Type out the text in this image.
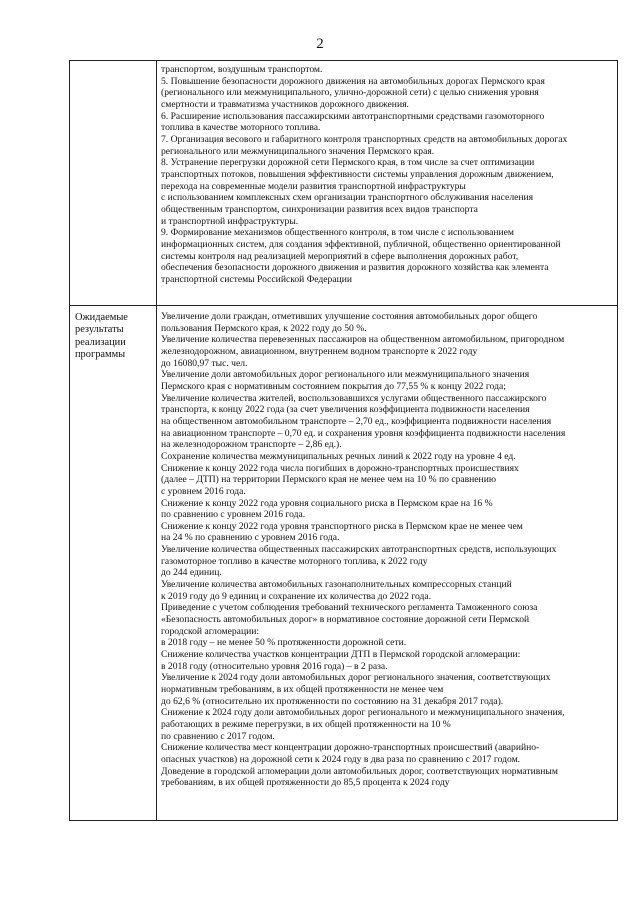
2
транспортом, воздушным транспортом.
5. Повышение безопасности дорожного движения на автомобильных дорогах Пермского края
(регионального или межмуниципального, улично-дорожной сети) с целью снижения уровня
смертности и травматизма участников дорожного движения.
6. Расширение использования пассажирскими автотранспортными средствами газомоторного
топлива в качестве моторного топлива.
7. Организация весового и габаритного контроля транспортных средств на автомобильных дорогах
регионального или межмуниципального значения Пермского края.
8. Устранение перегрузки дорожной сети Пермского края, в том числе за счет оптимизации
транспортных потоков, повышения эффективности системы управления дорожным движением,
перехода на современные модели развития транспортной инфраструктуры
с использованием комплексных схем организации транспортного обслуживания населения
общественным транспортом, синхронизации развития всех видов транспорта
и транспортной инфраструктуры.
9. Формирование механизмов общественного контроля, в том числе с использованием
информационных систем, для создания эффективной, публичной, общественно ориентированной
системы контроля над реализацией мероприятий в сфере выполнения дорожных работ,
обеспечения безопасности дорожного движения и развития дорожного хозяйства как элемента
транспортной системы Российской Федерации
Ожидаемые
результаты
реализации
программы
Увеличение доли граждан, отметивших улучшение состояния автомобильных дорог общего
пользования Пермского края, к 2022 году до 50 %.
Увеличение количества перевезенных пассажиров на общественном автомобильном, пригородном
железнодорожном, авиационном, внутреннем водном транспорте к 2022 году
до 16080,97 тыс. чел.
Увеличение доли автомобильных дорог регионального или межмуниципального значения
Пермского края с нормативным состоянием покрытия до 77,55 % к концу 2022 года;
Увеличение количества жителей, воспользовавшихся услугами общественного пассажирского
транспорта, к концу 2022 года (за счет увеличения коэффициента подвижности населения
на общественном автомобильном транспорте – 2,70 ед., коэффициента подвижности населения
на авиационном транспорте – 0,70 ед. и сохранения уровня коэффициента подвижности населения
на железнодорожном транспорте – 2,86 ед.).
Сохранение количества межмуниципальных речных линий к 2022 году на уровне 4 ед.
Снижение к концу 2022 года числа погибших в дорожно-транспортных происшествиях
(далее – ДТП) на территории Пермского края не менее чем на 10 % по сравнению
с уровнем 2016 года.
Снижение к концу 2022 года уровня социального риска в Пермском крае на 16 %
по сравнению с уровнем 2016 года.
Снижение к концу 2022 года уровня транспортного риска в Пермском крае не менее чем
на 24 % по сравнению с уровнем 2016 года.
Увеличение количества общественных пассажирских автотранспортных средств, использующих
газомоторное топливо в качестве моторного топлива, к 2022 году
до 244 единиц.
Увеличение количества автомобильных газонаполнительных компрессорных станций
к 2019 году до 9 единиц и сохранение их количества до 2022 года.
Приведение с учетом соблюдения требований технического регламента Таможенного союза
«Безопасность автомобильных дорог» в нормативное состояние дорожной сети Пермской
городской агломерации:
в 2018 году – не менее 50 % протяженности дорожной сети.
Снижение количества участков концентрации ДТП в Пермской городской агломерации:
в 2018 году (относительно уровня 2016 года) – в 2 раза.
Увеличение к 2024 году доли автомобильных дорог регионального значения, соответствующих
нормативным требованиям, в их общей протяженности не менее чем
до 62,6 % (относительно их протяженности по состоянию на 31 декабря 2017 года).
Снижение к 2024 году доли автомобильных дорог регионального и межмуниципального значения,
работающих в режиме перегрузки, в их общей протяженности на 10 %
по сравнению с 2017 годом.
Снижение количества мест концентрации дорожно-транспортных происшествий (аварийно-
опасных участков) на дорожной сети к 2024 году в два раза по сравнению с 2017 годом.
Доведение в городской агломерации доли автомобильных дорог, соответствующих нормативным
требованиям, в их общей протяженности до 85,5 процента к 2024 году
